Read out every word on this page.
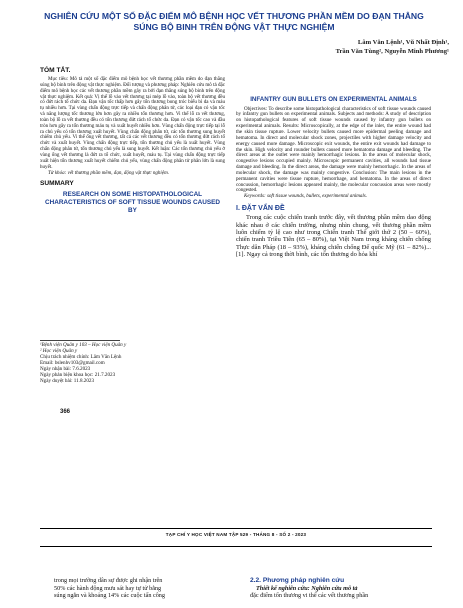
NGHIÊN CỨU MỘT SỐ ĐẶC ĐIỂM MÔ BỆNH HỌC VẾT THƯƠNG PHẦN MỀM DO ĐẠN THẲNG SÚNG BỘ BINH TRÊN ĐỘNG VẬT THỰC NGHIỆM
Lâm Văn Lệnh¹, Vũ Nhất Định¹,
Trần Văn Tùng², Nguyễn Minh Phương¹
TÓM TẮT.

Mục tiêu: Mô tả một số đặc điểm mô bệnh học vết thương phần mềm do đạn thẳng súng bộ binh trên động vật thực nghiệm. Đối tượng và phương pháp: Nghiên cứu mô tả đặc điểm mô bệnh học các vết thương phần mềm gây ra bởi đạn thẳng súng bộ binh trên động vật thực nghiệm. Kết quả: Vị thế lỗ vào vết thương tại mép lỗ vào, toàn bộ vết thương đều có đứt rách tổ chức da. Đạn vận tốc thấp hơn gây tổn thương bong tróc biểu bì da và máu tụ nhiều hơn. Tại vùng chấn động trực tiếp và chấn động phân tử, các loại đạn có vận tốc và năng lượng tốc thương lớn hơn gây ra nhiều tổn thương hơn. Vi thể lỗ ra vết thương, toàn bộ lỗ ra vết thương đều có tổn thương đứt rách tổ chức da. Đạn có vận tốc cao và đầu tròn hơn gây ra tổn thương máu tụ và xuất huyết nhiều hơn. Vùng chấn động trực tiếp tại lỗ ra chủ yếu có tổn thương xuất huyết. Vùng chấn động phân tử, các tổn thương sung huyết chiếm chủ yếu. Vi thể ống vết thương, tất cả các vết thương đều có tổn thương đứt rách tổ chức và xuất huyết. Vùng chấn động trực tiếp, tổn thương chủ yếu là xuất huyết. Vùng chấn động phân tử, tổn thương chủ yếu là sung huyết. Kết luận: Các tổn thương chủ yếu ở vùng ống vết thương là đứt ra tổ chức, xuất huyết, máu tụ. Tại vùng chấn động trực tiếp xuất hiện tổn thương xuất huyết chiếm chủ yếu, vùng chấn động phân tử phân lớn là sung huyết.

Từ khóa: vết thương phần mềm, đạn, động vật thực nghiệm.

SUMMARY
RESEARCH ON SOME HISTOPATHOLOGICAL CHARACTERISTICS OF SOFT TISSUE WOUNDS CAUSED BY
¹Bệnh viện Quân y 103 – Học viện Quân y
² Học viện Quân y
Chịu trách nhiệm chính: Lâm Văn Lệnh
Email: bslenhv103@gmail.com
Ngày nhận bài: 7.6.2023
Ngày phản biện khoa học: 21.7.2023
Ngày duyệt bài: 11.8.2023
366
INFANTRY GUN BULLETS ON EXPERIMENTAL ANIMALS

Objectives: To describe some histopathological characteristics of soft tissue wounds caused by infantry gun bullets on experimental animals. Subjects and methods: A study of description on histopathological features of soft tissue wounds caused by infantry gun bullets on experimental animals. Results: Microscopically, at the edge of the inlet, the entire wound had the skin tissue rupture. Lower velocity bullets caused more epidermal peeling damage and hematoma. In direct and molecular shock zones, projectiles with higher damage velocity and energy caused more damage. Microscopic exit wounds, the entire exit wounds had damage to the skin. High velocity and rounder bullets caused more hematoma damage and bleeding. The direct areas at the outlet were mainly hemorrhagic lesions. In the areas of molecular shock, congestive lesions occupied mainly. Microscopic permanent cavities, all wounds had tissue damage and bleeding. In the direct areas, the damage were mainly hemorrhagic. In the areas of molecular shock, the damage was mainly congestive. Conclusion: The main lesions in the permanent cavities were tissue rupture, hemorrhage, and hematoma. In the areas of direct concussion, hemorrhagic lesions appeared mainly, the molecular concussion areas were mostly congested.

Keywords: soft tissue wounds, bullets, experimental animals.

I. ĐẶT VẤN ĐỀ
Trong các cuộc chiến tranh trước đây, vết thương phần mềm dao động khác nhau ở các chiến trường, nhưng nhìn chung, vết thương phần mềm luôn chiếm tỷ lệ cao như trong Chiến tranh Thế giới thứ 2 (50 – 60%), chiến tranh Triều Tiên (65 – 80%), tại Việt Nam trong kháng chiến chống Thực dân Pháp (18 – 93%), kháng chiến chống Đế quốc Mỹ (61 – 82%)... [1]. Ngay cả trong thời bình, các tổn thương do hỏa khí
TẠP CHÍ Y HỌC VIỆT NAM TẬP 529 - THÁNG 8 - SỐ 2 - 2023
trong mọi trường dân sự được ghi nhận trên
50% các hành động mưu sát hay tự tử bằng
súng ngắn và khoảng 14% các cuộc tấn công
2.2. Phương pháp nghiên cứu
Thiết kế nghiên cứu: Nghiên cứu mô tả
đặc điểm tổn thương vi thể các vết thương phần
